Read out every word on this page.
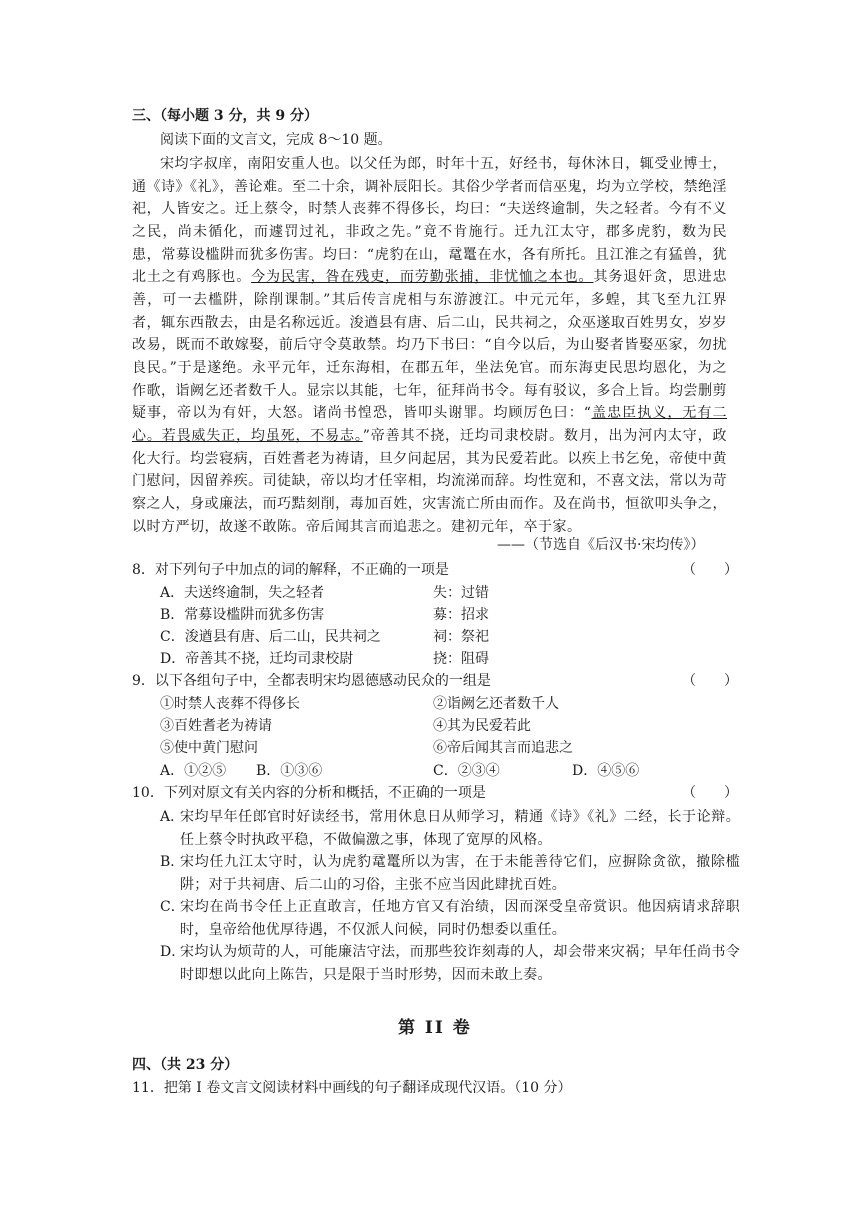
三、（每小题 3 分，共 9 分）
阅读下面的文言文，完成 8～10 题。
宋均字叔庠，南阳安重人也。以父任为郎，时年十五，好经书，每休沐日，辄受业博士，通《诗》《礼》，善论难。至二十余，调补辰阳长。其俗少学者而信巫鬼，均为立学校，禁绝淫祀，人皆安之。迁上蔡令，时禁人丧葬不得侈长，均曰：“夫送终逾制，失之轻者。今有不义之民，尚未循化，而遽罚过礼，非政之先。”竟不肯施行。迁九江太守，郡多虎豹，数为民患，常募设槛阱而犹多伤害。均曰：“虎豹在山，鼋鼍在水，各有所托。且江淮之有猛兽，犹北土之有鸡豚也。今为民害，咎在残吏，而劳勤张捕，非忧恤之本也。其务退奸贪，思进忠善，可一去槛阱，除削课制。”其后传言虎相与东游渡江。中元元年，多蝗，其飞至九江界者，辄东西散去，由是名称远近。浚遒县有唐、后二山，民共祠之，众巫遂取百姓男女，岁岁改易，既而不敢嫁娶，前后守令莫敢禁。均乃下书曰：“自今以后，为山娶者皆娶巫家，勿扰良民。”于是遂绝。永平元年，迁东海相，在郡五年，坐法免官。而东海吏民思均恩化，为之作歌，诣阙乞还者数千人。显宗以其能，七年，征拜尚书令。每有驳议，多合上旨。均尝删剪疑事，帝以为有奸，大怒。诸尚书惶恐，皆叩头谢罪。均顾厉色曰：“盖忠臣执义，无有二心。若畏威失正，均虽死，不易志。”帝善其不挠，迁均司隶校尉。数月，出为河内太守，政化大行。均尝寝病，百姓耆老为祷请，旦夕问起居，其为民爱若此。以疾上书乞免，帝使中黄门慰问，因留养疾。司徒缺，帝以均才任宰相，均流涕而辞。均性宽和，不喜文法，常以为苛察之人，身或廉法，而巧黠刻削，毒加百姓，灾害流亡所由而作。及在尚书，恒欲叩头争之，以时方严切，故遂不敢陈。帝后闻其言而追悲之。建初元年，卒于家。
——（节选自《后汉书·宋均传》）
8．对下列句子中加点的词的解释，不正确的一项是	（　　）
A．夫送终逾制，失之轻者	失：过错
B．常募设槛阱而犹多伤害	募：招求
C．浚遒县有唐、后二山，民共祠之	祠：祭祀
D．帝善其不挠，迁均司隶校尉	挠：阻碍
9．以下各组句子中，全都表明宋均恩德感动民众的一组是	（　　）
①时禁人丧葬不得侈长	②诣阙乞还者数千人
③百姓耆老为祷请	④其为民爱若此
⑤使中黄门慰问	⑥帝后闻其言而追悲之
A．①②⑤ B．①③⑥	C．②③④	D．④⑤⑥
10．下列对原文有关内容的分析和概括，不正确的一项是	（　　）
A．
宋均早年任郎官时好读经书，常用休息日从师学习，精通《诗》《礼》二经，长于论辩。任上蔡令时执政平稳，不做偏激之事，体现了宽厚的风格。
B．
宋均任九江太守时，认为虎豹鼋鼍所以为害，在于未能善待它们，应摒除贪欲，撤除槛阱；对于共祠唐、后二山的习俗，主张不应当因此肆扰百姓。
C．
宋均在尚书令任上正直敢言，任地方官又有治绩，因而深受皇帝赏识。他因病请求辞职时，皇帝给他优厚待遇，不仅派人问候，同时仍想委以重任。
D．
宋均认为烦苛的人，可能廉洁守法，而那些狡诈刻毒的人，却会带来灾祸；早年任尚书令时即想以此向上陈告，只是限于当时形势，因而未敢上奏。
第 II 卷
四、（共 23 分）
11．把第 I 卷文言文阅读材料中画线的句子翻译成现代汉语。（10 分）
